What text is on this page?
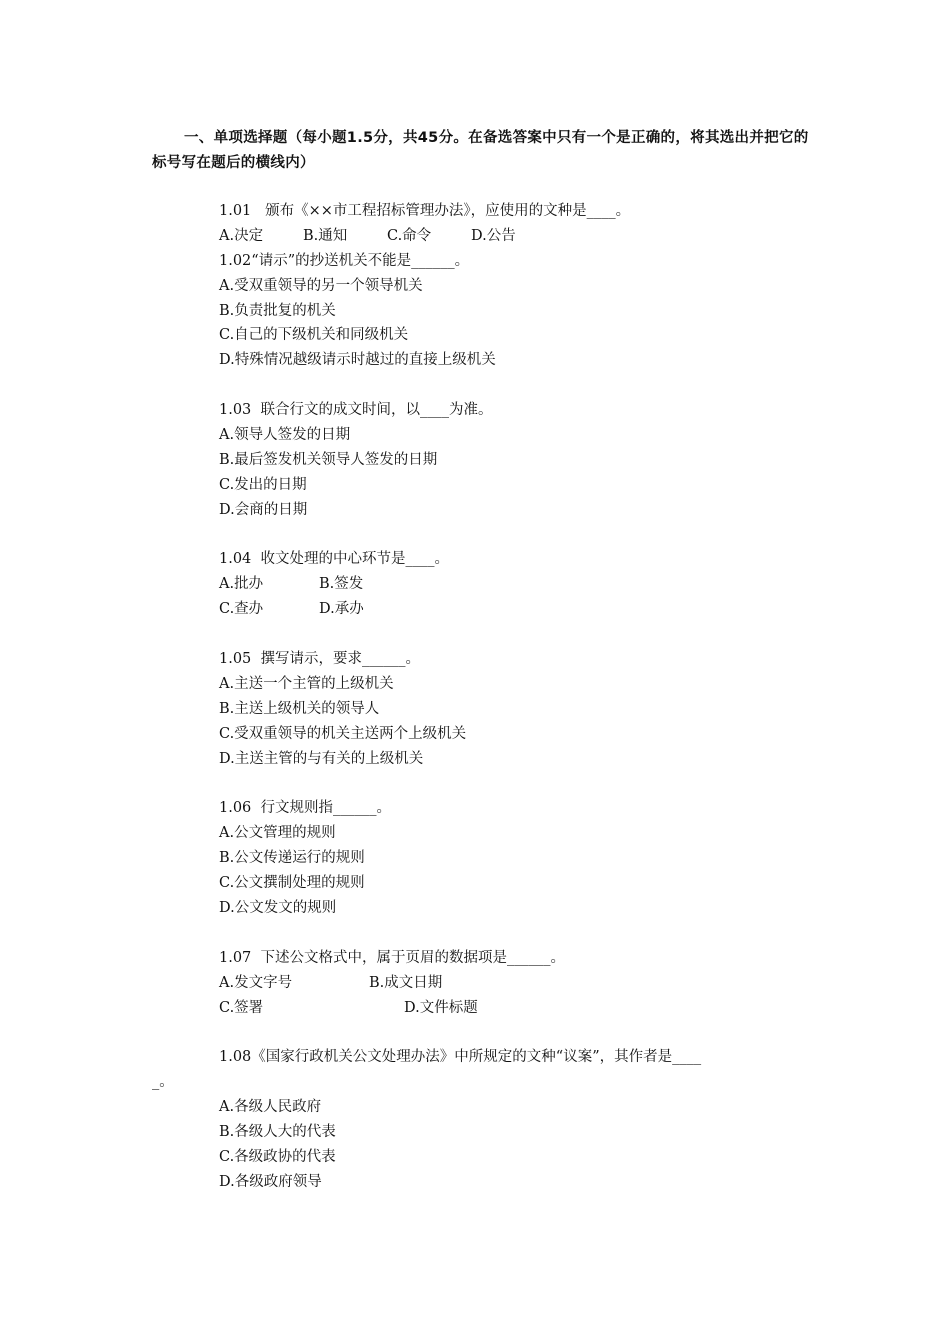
一、单项选择题（每小题1.5分，共45分。在备选答案中只有一个是正确的，将其选出并把它的标号写在题后的横线内）
1.01   颁布《××市工程招标管理办法》，应使用的文种是____。
A.决定	B.通知	C.命令	D.公告
1.02“请示”的抄送机关不能是______。
A.受双重领导的另一个领导机关
B.负责批复的机关
C.自己的下级机关和同级机关
D.特殊情况越级请示时越过的直接上级机关
1.03  联合行文的成文时间，以____为准。
A.领导人签发的日期
B.最后签发机关领导人签发的日期
C.发出的日期
D.会商的日期
1.04  收文处理的中心环节是____。
A.批办	B.签发
C.查办	D.承办
1.05  撰写请示，要求______。
A.主送一个主管的上级机关
B.主送上级机关的领导人
C.受双重领导的机关主送两个上级机关
D.主送主管的与有关的上级机关
1.06  行文规则指______。
A.公文管理的规则
B.公文传递运行的规则
C.公文撰制处理的规则
D.公文发文的规则
1.07  下述公文格式中，属于页眉的数据项是______。
A.发文字号	B.成文日期
C.签署	D.文件标题
1.08《国家行政机关公文处理办法》中所规定的文种“议案”，其作者是____
_。
A.各级人民政府
B.各级人大的代表
C.各级政协的代表
D.各级政府领导
